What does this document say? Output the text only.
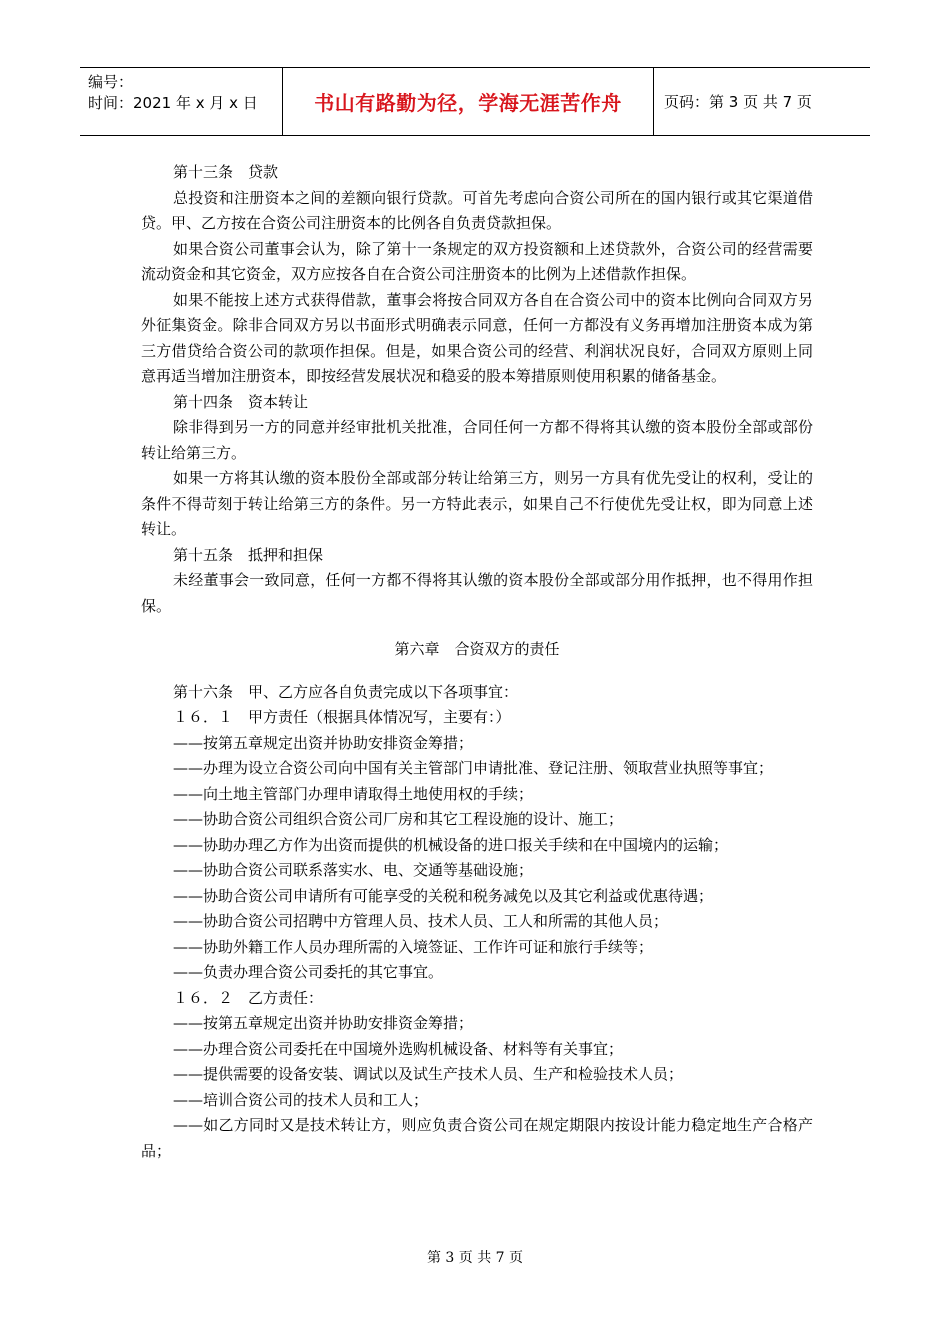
编号：
时间：2021 年 x 月 x 日	书山有路勤为径，学海无涯苦作舟	页码：第 3 页 共 7 页

第十三条　贷款

总投资和注册资本之间的差额向银行贷款。可首先考虑向合资公司所在的国内银行或其它渠道借贷。甲、乙方按在合资公司注册资本的比例各自负责贷款担保。

如果合资公司董事会认为，除了第十一条规定的双方投资额和上述贷款外，合资公司的经营需要流动资金和其它资金，双方应按各自在合资公司注册资本的比例为上述借款作担保。

如果不能按上述方式获得借款，董事会将按合同双方各自在合资公司中的资本比例向合同双方另外征集资金。除非合同双方另以书面形式明确表示同意，任何一方都没有义务再增加注册资本成为第三方借贷给合资公司的款项作担保。但是，如果合资公司的经营、利润状况良好，合同双方原则上同意再适当增加注册资本，即按经营发展状况和稳妥的股本筹措原则使用积累的储备基金。

第十四条　资本转让

除非得到另一方的同意并经审批机关批准，合同任何一方都不得将其认缴的资本股份全部或部份转让给第三方。

如果一方将其认缴的资本股份全部或部分转让给第三方，则另一方具有优先受让的权利，受让的条件不得苛刻于转让给第三方的条件。另一方特此表示，如果自己不行使优先受让权，即为同意上述转让。

第十五条　抵押和担保

未经董事会一致同意，任何一方都不得将其认缴的资本股份全部或部分用作抵押，也不得用作担保。

第六章　合资双方的责任

第十六条　甲、乙方应各自负责完成以下各项事宜：

１６．１　甲方责任（根据具体情况写，主要有：）

——按第五章规定出资并协助安排资金筹措；

——办理为设立合资公司向中国有关主管部门申请批准、登记注册、领取营业执照等事宜；

——向土地主管部门办理申请取得土地使用权的手续；

——协助合资公司组织合资公司厂房和其它工程设施的设计、施工；

——协助办理乙方作为出资而提供的机械设备的进口报关手续和在中国境内的运输；

——协助合资公司联系落实水、电、交通等基础设施；

——协助合资公司申请所有可能享受的关税和税务减免以及其它利益或优惠待遇；

——协助合资公司招聘中方管理人员、技术人员、工人和所需的其他人员；

——协助外籍工作人员办理所需的入境签证、工作许可证和旅行手续等；

——负责办理合资公司委托的其它事宜。

１６．２　乙方责任：

——按第五章规定出资并协助安排资金筹措；

——办理合资公司委托在中国境外选购机械设备、材料等有关事宜；

——提供需要的设备安装、调试以及试生产技术人员、生产和检验技术人员；

——培训合资公司的技术人员和工人；

——如乙方同时又是技术转让方，则应负责合资公司在规定期限内按设计能力稳定地生产合格产品；

第 3 页 共 7 页
